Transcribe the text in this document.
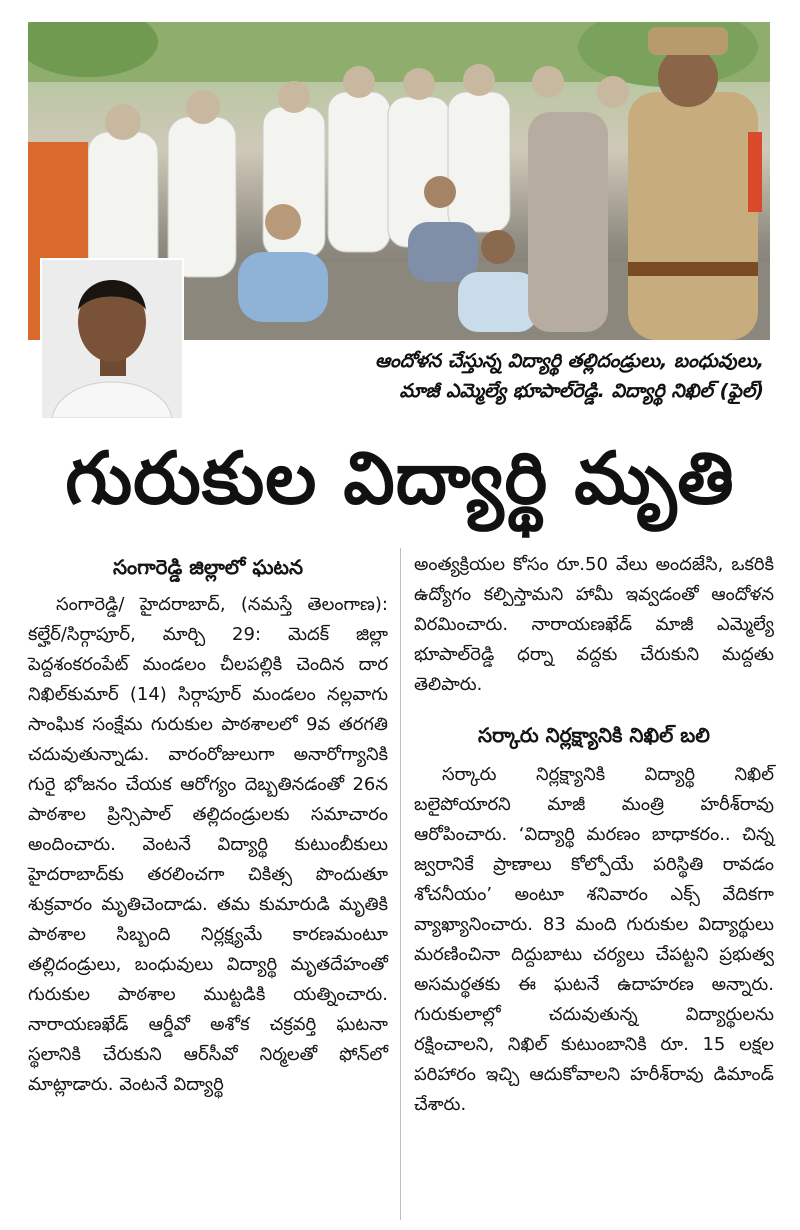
ఆందోళన చేస్తున్న విద్యార్థి తల్లిదండ్రులు, బంధువులు,
మాజీ ఎమ్మెల్యే భూపాల్‌రెడ్డి. విద్యార్థి నిఖిల్ (ఫైల్)
గురుకుల విద్యార్థి మృతి
సంగారెడ్డి జిల్లాలో ఘటన

సంగారెడ్డి/ హైదరాబాద్, (నమస్తే తెలంగాణ): కల్హేర్/సిర్గాపూర్, మార్చి 29: మెదక్ జిల్లా పెద్దశంకరంపేట్ మండలం చీలపల్లికి చెందిన దార నిఖిల్‌కుమార్ (14) సిర్గాపూర్ మండలం నల్లవాగు సాంఘిక సంక్షేమ గురుకుల పాఠశాలలో 9వ తరగతి చదువుతున్నాడు. వారంరోజులుగా అనారోగ్యానికి గురై భోజనం చేయక ఆరోగ్యం దెబ్బతినడంతో 26న పాఠశాల ప్రిన్సిపాల్ తల్లిదండ్రులకు సమాచారం అందించారు. వెంటనే విద్యార్థి కుటుంబీకులు హైదరాబాద్‌కు తరలించగా చికిత్స పొందుతూ శుక్రవారం మృతిచెందాడు. తమ కుమారుడి మృతికి పాఠశాల సిబ్బంది నిర్లక్ష్యమే కారణమంటూ తల్లిదండ్రులు, బంధువులు విద్యార్థి మృతదేహంతో గురుకుల పాఠశాల ముట్టడికి యత్నించారు. నారాయణఖేడ్ ఆర్డీవో అశోక చక్రవర్తి ఘటనా స్థలానికి చేరుకుని ఆర్‌సీవో నిర్మలతో ఫోన్‌లో మాట్లాడారు. వెంటనే విద్యార్థి

అంత్యక్రియల కోసం రూ.50 వేలు అందజేసి, ఒకరికి ఉద్యోగం కల్పిస్తామని హామీ ఇవ్వడంతో ఆందోళన విరమించారు. నారాయణఖేడ్ మాజీ ఎమ్మెల్యే భూపాల్‌రెడ్డి ధర్నా వద్దకు చేరుకుని మద్దతు తెలిపారు.

సర్కారు నిర్లక్ష్యానికి నిఖిల్ బలి

సర్కారు నిర్లక్ష్యానికి విద్యార్థి నిఖిల్ బలైపోయారని మాజీ మంత్రి హరీశ్‌రావు ఆరోపించారు. ‘విద్యార్థి మరణం బాధాకరం.. చిన్న జ్వరానికే ప్రాణాలు కోల్పోయే పరిస్థితి రావడం శోచనీయం’ అంటూ శనివారం ఎక్స్ వేదికగా వ్యాఖ్యానించారు. 83 మంది గురుకుల విద్యార్థులు మరణించినా దిద్దుబాటు చర్యలు చేపట్టని ప్రభుత్వ అసమర్థతకు ఈ ఘటనే ఉదాహరణ అన్నారు. గురుకులాల్లో చదువుతున్న విద్యార్థులను రక్షించాలని, నిఖిల్ కుటుంబానికి రూ. 15 లక్షల పరిహారం ఇచ్చి ఆదుకోవాలని హరీశ్‌రావు డిమాండ్ చేశారు.
